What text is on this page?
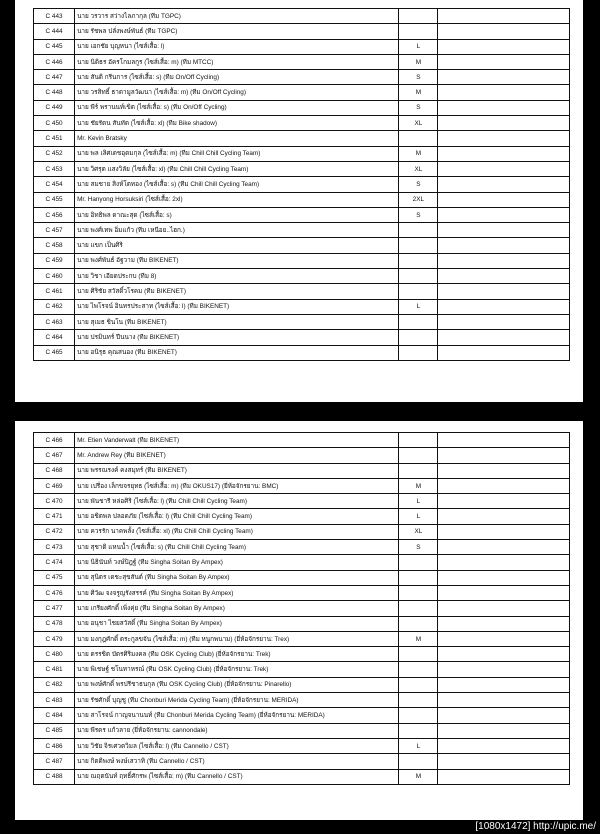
C 443	นาย วรวาร สว่างไลภากุล (ทีม TGPC)		
C 444	นาย รัชพล ปลั่งพงษ์พันธ์ (ทีม TGPC)		
C 445	นาย เอกชัย บุญหนา (ไซส์เสื้อ: l)	L	
C 446	นาย นิติธร อัครโกมลกูร (ไซส์เสื้อ: m) (ทีม MTCC)	M	
C 447	นาย สันติ กรีนการ (ไซส์เสื้อ: s) (ทีม On/Off Cycling)	S	
C 448	นาย วรสิทธิ์ ธาดามูลวัฒนา (ไซส์เสื้อ: m) (ทีม On/Off Cycling)	M	
C 449	นาย พีร์ พรานนท์เขิต (ไซส์เสื้อ: s) (ทีม On/Off Cycling)	S	
C 450	นาย ชัยรัตน สันทัด (ไซส์เสื้อ: xl) (ทีม Bike shadow)	XL	
C 451	Mr. Kevin Bratsky		
C 452	นาย พล เลิศเดชอุดมกุล (ไซส์เสื้อ: m) (ทีม Chill Chill Cycling Team)	M	
C 453	นาย วิศรุต แสงวิลัย (ไซส์เสื้อ: xl) (ทีม Chill Chill Cycling Team)	XL	
C 454	นาย สมชาย สิงห์โตทอง (ไซส์เสื้อ: s) (ทีม Chill Chill Cycling Team)	S	
C 455	Mr. Hanyong Horsuksiri (ไซส์เสื้อ: 2xl)	2XL	
C 456	นาย อิทธิพล ดาณะสุด (ไซส์เสื้อ: s)	S	
C 457	นาย พงศ์เทพ อิ่มแก้ว (ทีม เหนือย..ไฮก.)		
C 458	นาย แขก เป็นศิริ		
C 459	นาย พงศ์พันธ์ อัฐวาม (ทีม BIKENET)		
C 460	นาย วิชา เอียดประกบ (ทีม 8)		
C 461	นาย ศิริชัย สวัสดิ์วโรคม (ทีม BIKENET)		
C 462	นาย ไพโรจน์ อินทรประสาท (ไซส์เสื้อ: l) (ทีม BIKENET)	L	
C 463	นาย สุเมธ ชินโน (ทีม BIKENET)		
C 464	นาย ปรมินทร์ ปีนนาง (ทีม BIKENET)		
C 465	นาย อนิรุธ คุณสนอง (ทีม BIKENET)		
C 466	Mr. Etien Vanderwalt (ทีม BIKENET)		
C 467	Mr. Andrew Rey (ทีม BIKENET)		
C 468	นาย พรรณรงค์ คงสมุทร์ (ทีม BIKENET)		
C 469	นาย เปรื่อง เล็กขจรยุทธ (ไซส์เสื้อ: m) (ทีม OKUS17) (ยี่ห้อจักรยาน: BMC)	M	
C 470	นาย พันชารี หล่อศิริ (ไซส์เสื้อ: l) (ทีม Chill Chill Cycling Team)	L	
C 471	นาย อชิตพล ปลอดภัย (ไซส์เสื้อ: l) (ทีม Chill Chill Cycling Team)	L	
C 472	นาย ควรรัก นาคพลั้ง (ไซส์เสื้อ: xl) (ทีม Chill Chill Cycling Team)	XL	
C 473	นาย สุชาติ แหนน้ำ (ไซส์เสื้อ: s) (ทีม Chill Chill Cycling Team)	S	
C 474	นาย นิธินันท์ วงษ์ปิฎฐ์ (ทีม Singha Soitan By Ampex)		
C 475	นาย สุนิตร เดชะสุขสันต์ (ทีม Singha Soitan By Ampex)		
C 476	นาย ศิวัฒ จงจรูญรังสรรค์ (ทีม Singha Soitan By Ampex)		
C 477	นาย เกรียงศักดิ์ เพิ่งคุ่ย (ทีม Singha Soitan By Ampex)		
C 478	นาย อนุชา ไชยสวัสดิ์ (ทีม Singha Soitan By Ampex)		
C 479	นาย มงกุฎศักดิ์ ตระกูลขจัน (ไซส์เสื้อ: m) (ทีม หนูกพนาม) (ยี่ห้อจักรยาน: Trex)	M	
C 480	นาย ตรรชิต บัตรศิริมงคล (ทีม OSK Cycling Club) (ยี่ห้อจักรยาน: Trek)		
C 481	นาย พิเชษฐ์ ชโนทาหรณ์ (ทีม OSK Cycling Club) (ยี่ห้อจักรยาน: Trek)		
C 482	นาย พงษ์ศักดิ์ พรปรีชาธนกุล (ทีม OSK Cycling Club) (ยี่ห้อจักรยาน: Pinarello)		
C 483	นาย รัชศักดิ์ บุญชู (ทีม Chonburi Merida Cycling Team) (ยี่ห้อจักรยาน: MERIDA)		
C 484	นาย สาโรจน์ กาญจนานนท์ (ทีม Chonburi Merida Cycling Team) (ยี่ห้อจักรยาน: MERIDA)		
C 485	นาย พีรดร แก้วลาย (ยี่ห้อจักรยาน: cannondale)		
C 486	นาย วิชัย จิรเศวตวิมล (ไซส์เสื้อ: l) (ทีม Cannello / CST)	L	
C 487	นาย กิตติพงษ์ พงษ์เสวาทิ (ทีม Cannello / CST)		
C 488	นาย ณฤตนันท์ ฤทธิ์ศักรพ (ไซส์เสื้อ: m) (ทีม Cannello / CST)	M	
[1080x1472] http://upic.me/
